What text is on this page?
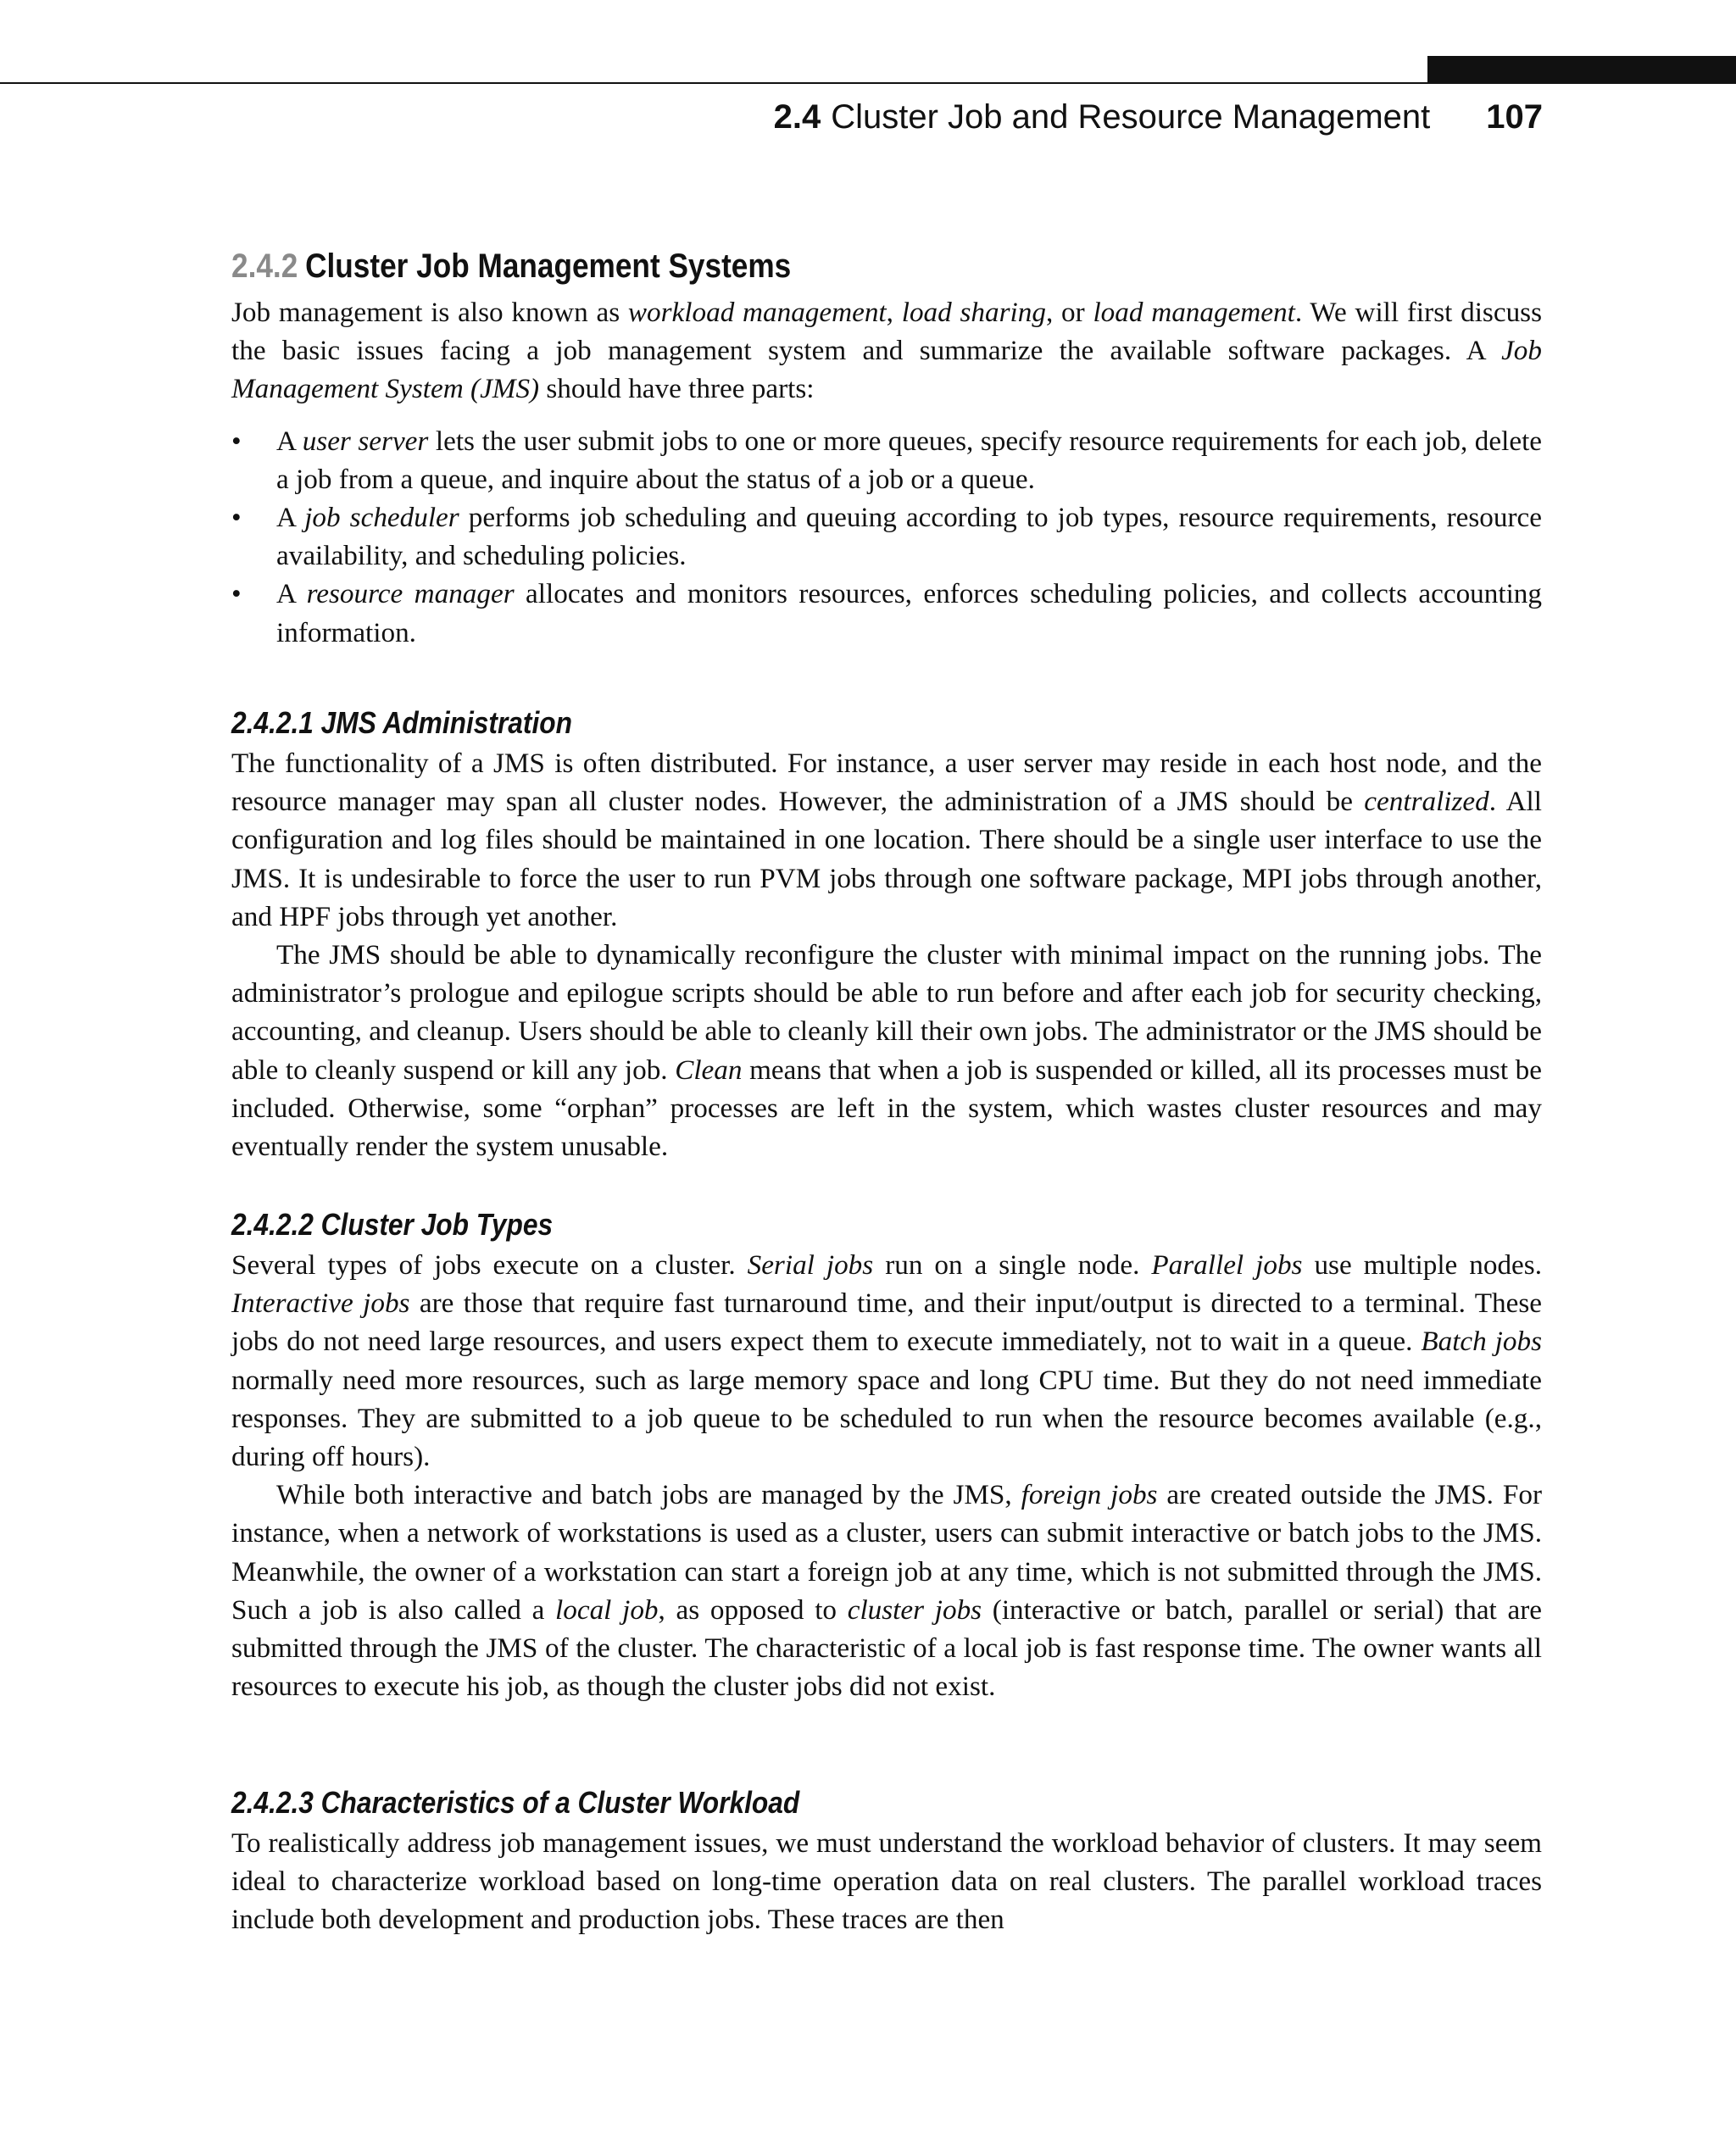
2.4 Cluster Job and Resource Management 107
2.4.2 Cluster Job Management Systems

Job management is also known as workload management, load sharing, or load management. We will first discuss the basic issues facing a job management system and summarize the available software packages. A Job Management System (JMS) should have three parts:

• A user server lets the user submit jobs to one or more queues, specify resource requirements for each job, delete a job from a queue, and inquire about the status of a job or a queue.
• A job scheduler performs job scheduling and queuing according to job types, resource requirements, resource availability, and scheduling policies.
• A resource manager allocates and monitors resources, enforces scheduling policies, and collects accounting information.
2.4.2.1 JMS Administration

The functionality of a JMS is often distributed. For instance, a user server may reside in each host node, and the resource manager may span all cluster nodes. However, the administration of a JMS should be centralized. All configuration and log files should be maintained in one location. There should be a single user interface to use the JMS. It is undesirable to force the user to run PVM jobs through one software package, MPI jobs through another, and HPF jobs through yet another.

The JMS should be able to dynamically reconfigure the cluster with minimal impact on the running jobs. The administrator’s prologue and epilogue scripts should be able to run before and after each job for security checking, accounting, and cleanup. Users should be able to cleanly kill their own jobs. The administrator or the JMS should be able to cleanly suspend or kill any job. Clean means that when a job is suspended or killed, all its processes must be included. Otherwise, some “orphan” processes are left in the system, which wastes cluster resources and may eventually render the system unusable.

2.4.2.2 Cluster Job Types

Several types of jobs execute on a cluster. Serial jobs run on a single node. Parallel jobs use multiple nodes. Interactive jobs are those that require fast turnaround time, and their input/output is directed to a terminal. These jobs do not need large resources, and users expect them to execute immediately, not to wait in a queue. Batch jobs normally need more resources, such as large memory space and long CPU time. But they do not need immediate responses. They are submitted to a job queue to be scheduled to run when the resource becomes available (e.g., during off hours).

While both interactive and batch jobs are managed by the JMS, foreign jobs are created outside the JMS. For instance, when a network of workstations is used as a cluster, users can submit interactive or batch jobs to the JMS. Meanwhile, the owner of a workstation can start a foreign job at any time, which is not submitted through the JMS. Such a job is also called a local job, as opposed to cluster jobs (interactive or batch, parallel or serial) that are submitted through the JMS of the cluster. The characteristic of a local job is fast response time. The owner wants all resources to execute his job, as though the cluster jobs did not exist.

2.4.2.3 Characteristics of a Cluster Workload

To realistically address job management issues, we must understand the workload behavior of clusters. It may seem ideal to characterize workload based on long-time operation data on real clusters. The parallel workload traces include both development and production jobs. These traces are then
